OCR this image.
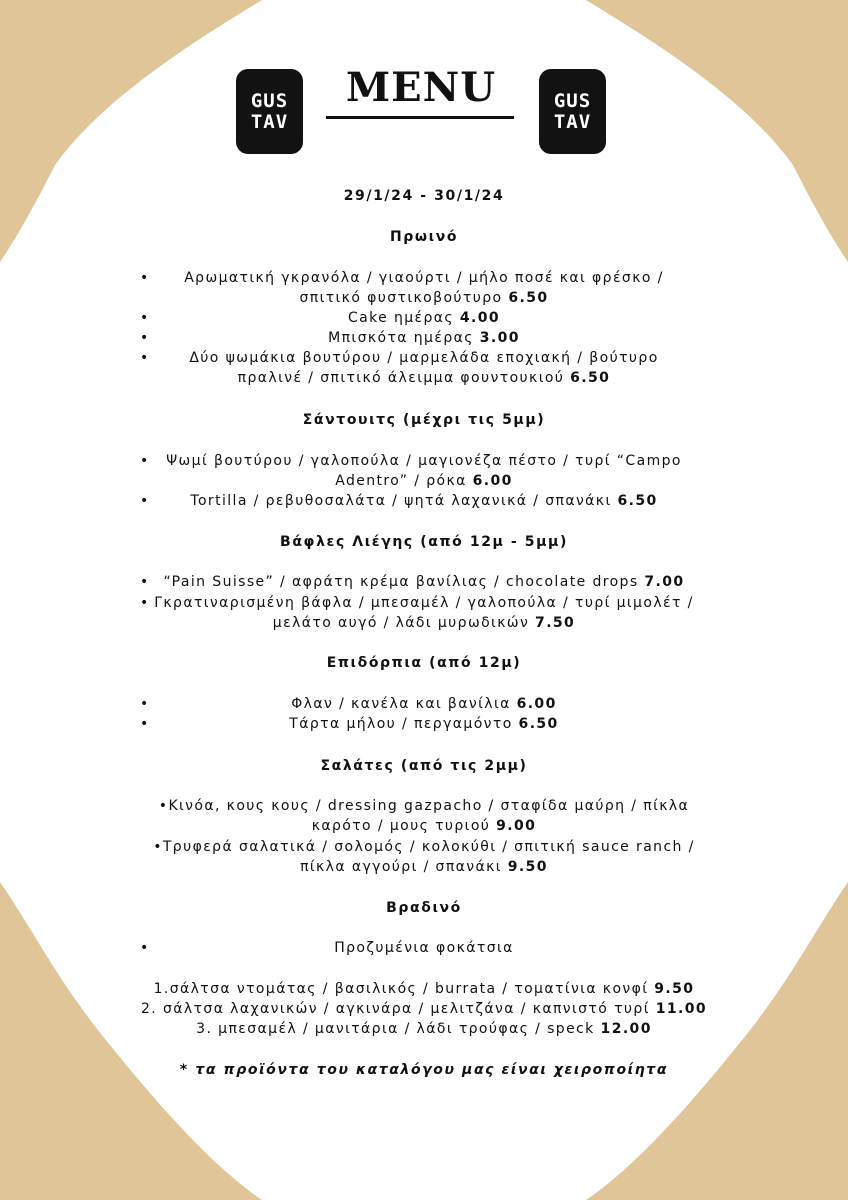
GUS
TAV
MENU	GUS
TAV
29/1/24 - 30/1/24
Πρωινό
•	Αρωματική γκρανόλα / γιαούρτι / μήλο ποσέ και φρέσκο /
σπιτικό φυστικοβούτυρο 6.50
•	Cake ημέρας 4.00
•	Μπισκότα ημέρας 3.00
•	Δύο ψωμάκια βουτύρου / μαρμελάδα εποχιακή / βούτυρο
πραλινέ / σπιτικό άλειμμα φουντουκιού 6.50
Σάντουιτς (μέχρι τις 5μμ)
•	Ψωμί βουτύρου / γαλοπούλα / μαγιονέζα πέστο / τυρί “Campo
Adentro” / ρόκα 6.00
•	Tortilla / ρεβυθοσαλάτα / ψητά λαχανικά / σπανάκι 6.50
Βάφλες Λιέγης (από 12μ - 5μμ)
•	“Pain Suisse” / αφράτη κρέμα βανίλιας / chocolate drops 7.00
• Γκρατιναρισμένη βάφλα / μπεσαμέλ / γαλοπούλα / τυρί μιμολέτ /
μελάτο αυγό / λάδι μυρωδικών 7.50
Επιδόρπια (από 12μ)
•	Φλαν / κανέλα και βανίλια 6.00
•	Τάρτα μήλου / περγαμόντο 6.50
Σαλάτες (από τις 2μμ)
•Κινόα, κους κους / dressing gazpacho / σταφίδα μαύρη / πίκλα
καρότο / μους τυριού 9.00
•Τρυφερά σαλατικά / σολομός / κολοκύθι / σπιτική sauce ranch /
πίκλα αγγούρι / σπανάκι 9.50
Βραδινό
•	Προζυμένια φοκάτσια
1.σάλτσα ντομάτας / βασιλικός / burrata / τοματίνια κονφί 9.50
2. σάλτσα λαχανικών / αγκινάρα / μελιτζάνα / καπνιστό τυρί 11.00
3. μπεσαμέλ / μανιτάρια / λάδι τρούφας / speck 12.00
* τα προϊόντα του καταλόγου μας είναι χειροποίητα
